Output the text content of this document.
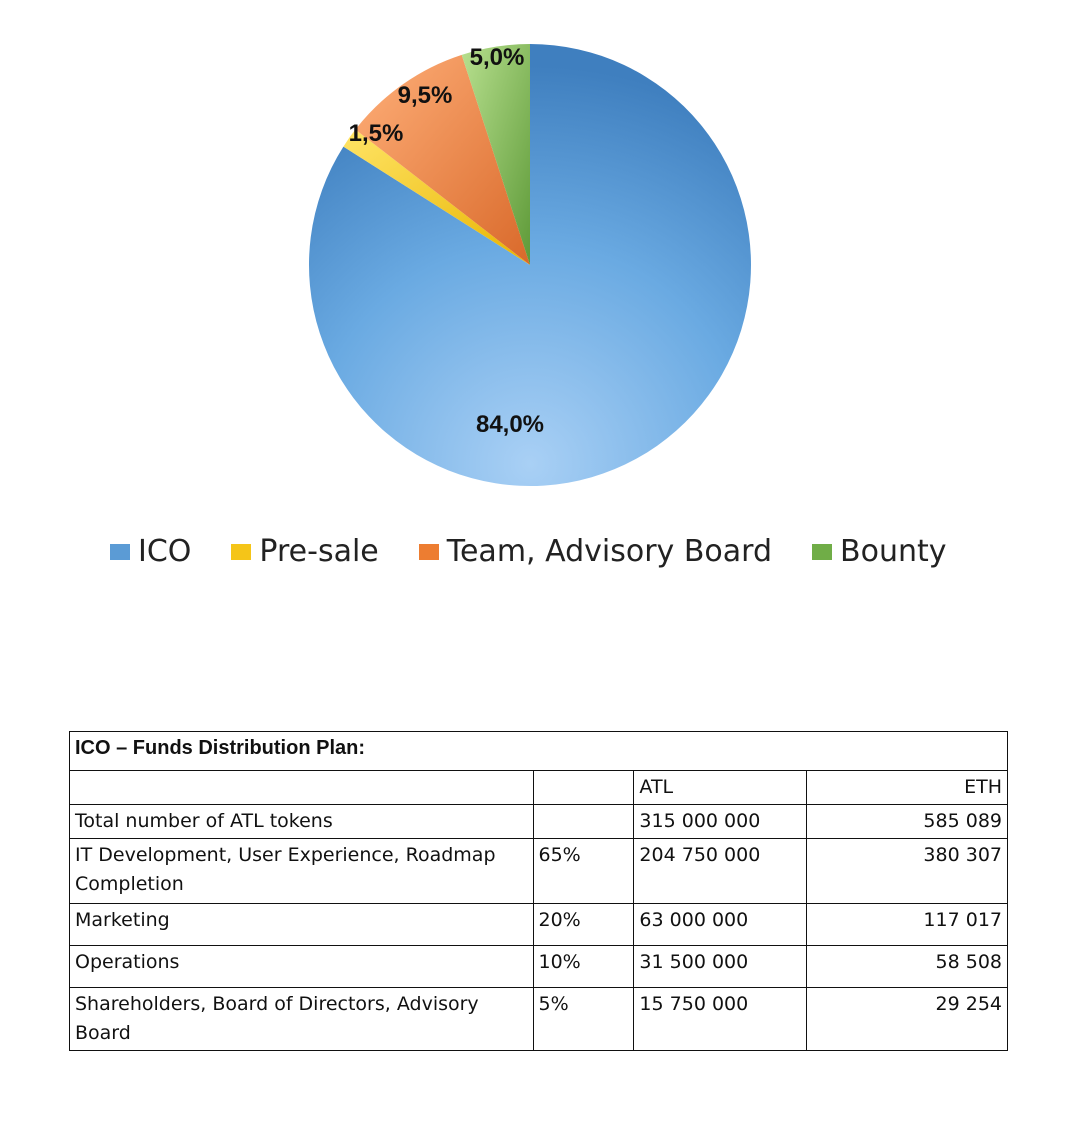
84,0%
1,5%
9,5%
5,0%
ICO Pre-sale Team, Advisory Board Bounty
ICO – Funds Distribution Plan:			
		ATL	ETH
Total number of ATL tokens		315 000 000	585 089
IT Development, User Experience, Roadmap Completion	65%	204 750 000	380 307
Marketing	20%	63 000 000	117 017
Operations	10%	31 500 000	58 508
Shareholders, Board of Directors, Advisory Board	5%	15 750 000	29 254
